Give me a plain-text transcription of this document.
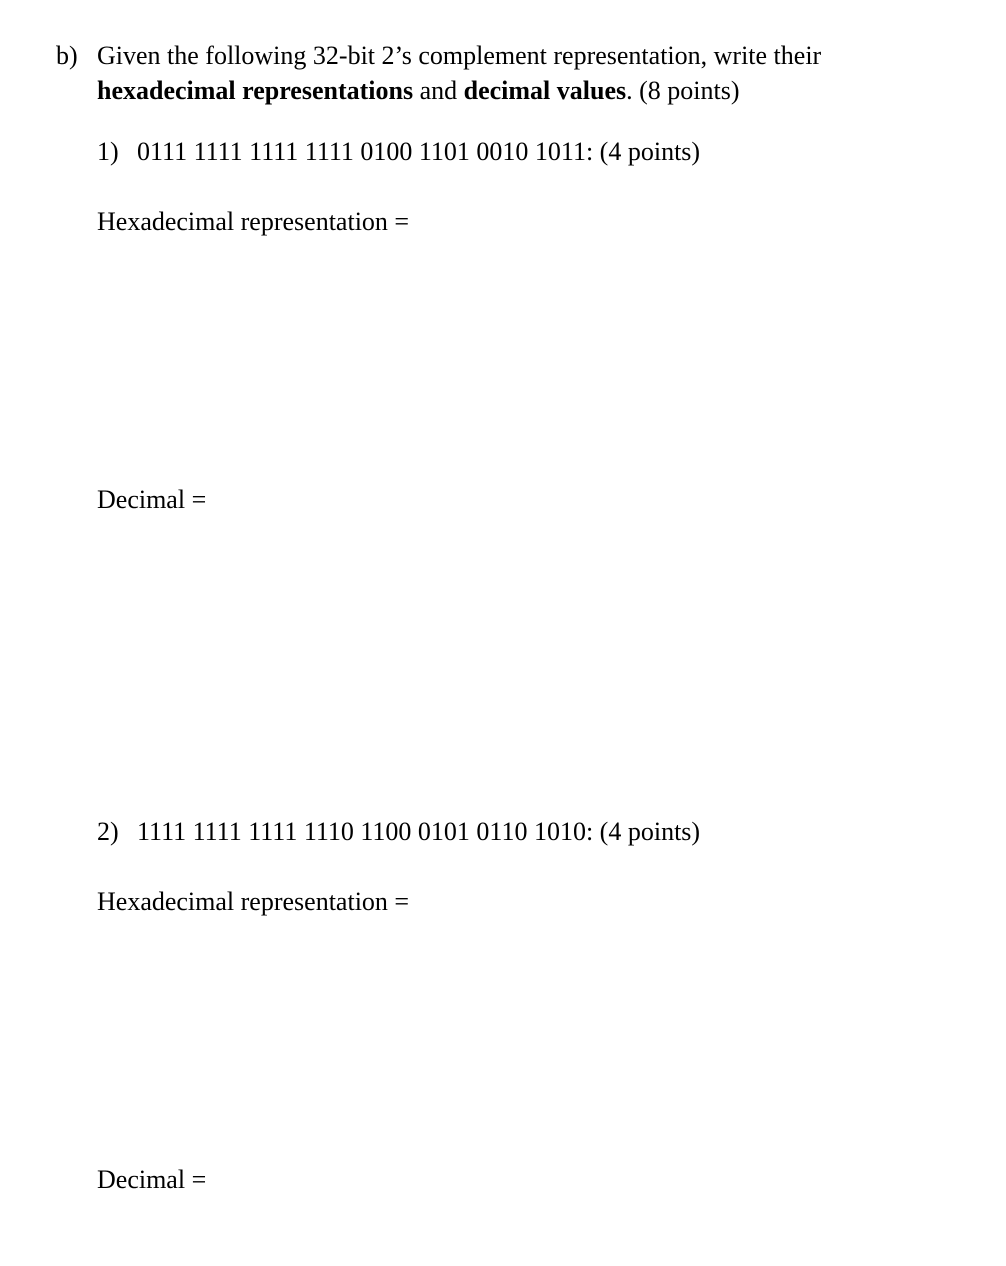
b) Given the following 32-bit 2’s complement representation, write their
hexadecimal representations and decimal values. (8 points)
1) 0111 1111 1111 1111 0100 1101 0010 1011: (4 points)
Hexadecimal representation =
Decimal =
2) 1111 1111 1111 1110 1100 0101 0110 1010: (4 points)
Hexadecimal representation =
Decimal =
